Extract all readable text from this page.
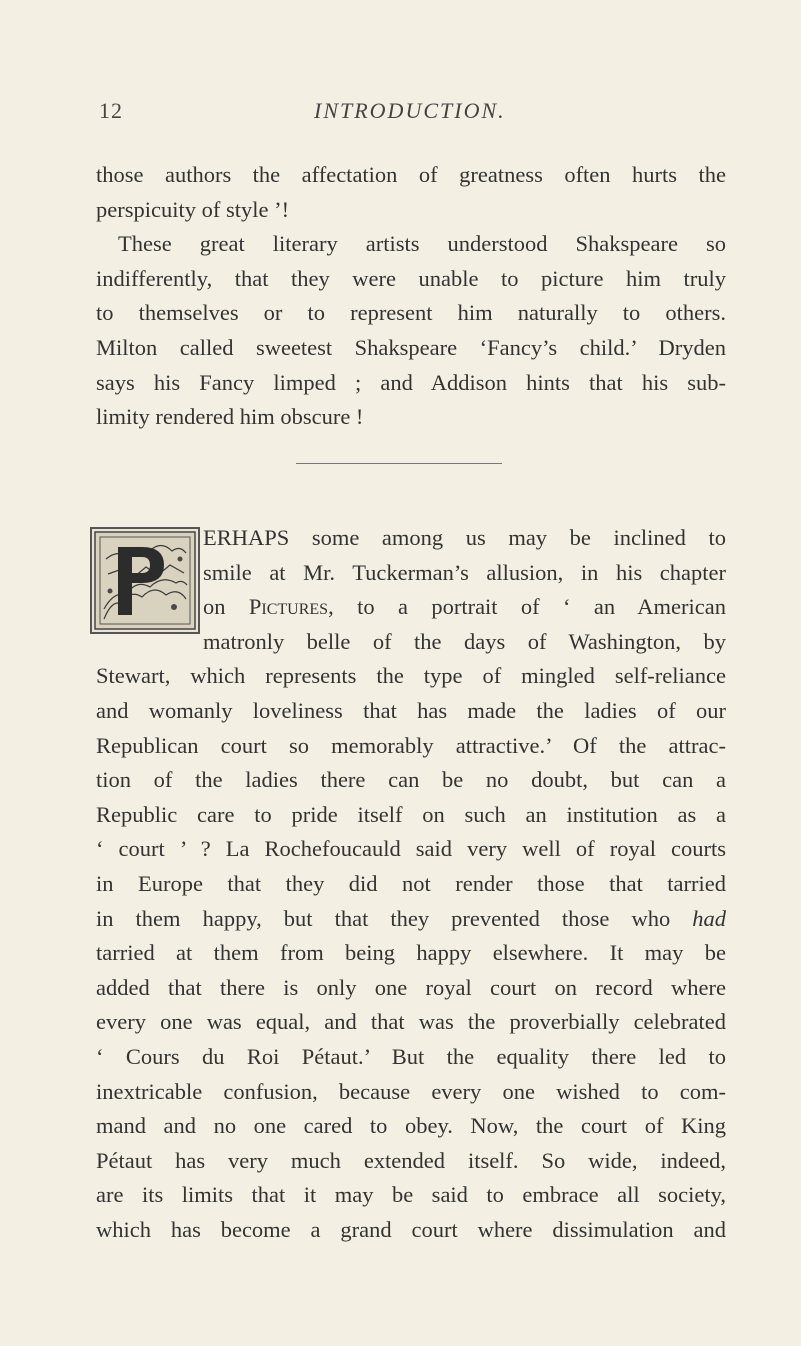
12	INTRODUCTION.
those authors the affectation of greatness often hurts the
perspicuity of style ’!
These great literary artists understood Shakspeare so
indifferently, that they were unable to picture him truly
to themselves or to represent him naturally to others.
Milton called sweetest Shakspeare ‘Fancy’s child.’ Dryden
says his Fancy limped ; and Addison hints that his sub-
limity rendered him obscure !
ERHAPS some among us may be inclined to
smile at Mr. Tuckerman’s allusion, in his chapter
on Pictures, to a portrait of ‘ an American
matronly belle of the days of Washington, by
Stewart, which represents the type of mingled self-reliance
and womanly loveliness that has made the ladies of our
Republican court so memorably attractive.’ Of the attrac-
tion of the ladies there can be no doubt, but can a
Republic care to pride itself on such an institution as a
‘ court ’ ? La Rochefoucauld said very well of royal courts
in Europe that they did not render those that tarried
in them happy, but that they prevented those who had
tarried at them from being happy elsewhere. It may be
added that there is only one royal court on record where
every one was equal, and that was the proverbially celebrated
‘ Cours du Roi Pétaut.’ But the equality there led to
inextricable confusion, because every one wished to com-
mand and no one cared to obey. Now, the court of King
Pétaut has very much extended itself. So wide, indeed,
are its limits that it may be said to embrace all society,
which has become a grand court where dissimulation and
